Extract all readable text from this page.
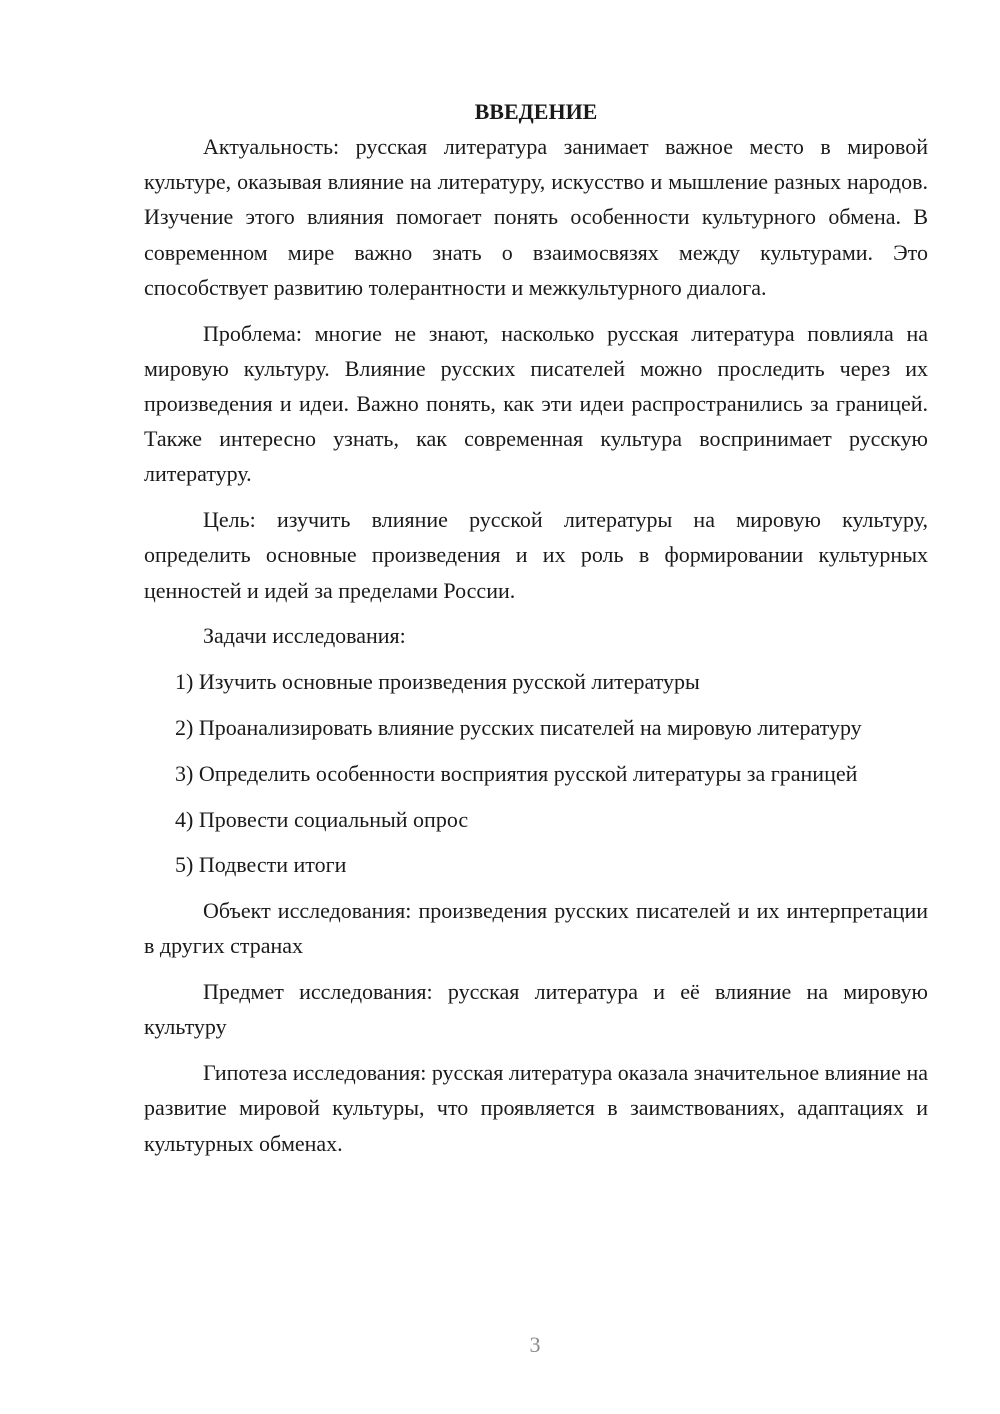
ВВЕДЕНИЕ

Актуальность: русская литература занимает важное место в мировой культуре, оказывая влияние на литературу, искусство и мышление разных народов. Изучение этого влияния помогает понять особенности культурного обмена. В современном мире важно знать о взаимосвязях между культурами. Это способствует развитию толерантности и межкультурного диалога.

Проблема: многие не знают, насколько русская литература повлияла на мировую культуру. Влияние русских писателей можно проследить через их произведения и идеи. Важно понять, как эти идеи распространились за границей. Также интересно узнать, как современная культура воспринимает русскую литературу.

Цель: изучить влияние русской литературы на мировую культуру, определить основные произведения и их роль в формировании культурных ценностей и идей за пределами России.

Задачи исследования:

1) Изучить основные произведения русской литературы

2) Проанализировать влияние русских писателей на мировую литературу

3) Определить особенности восприятия русской литературы за границей

4) Провести социальный опрос

5) Подвести итоги

Объект исследования: произведения русских писателей и их интерпретации в других странах

Предмет исследования: русская литература и её влияние на мировую культуру

Гипотеза исследования: русская литература оказала значительное влияние на развитие мировой культуры, что проявляется в заимствованиях, адаптациях и культурных обменах.

3
